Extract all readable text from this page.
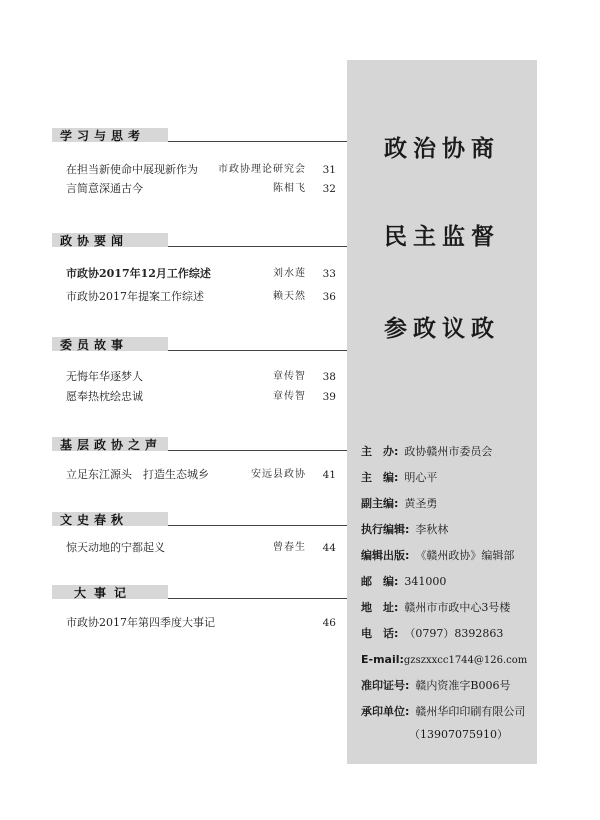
学习与思考
在担当新使命中展现新作为 市政协理论研究会 31
言简意深通古今	陈相飞 32
政协要闻
市政协2017年12月工作综述	刘水莲 33
市政协2017年提案工作综述	赖天然 36
委员故事
无悔年华逐梦人	章传智 38
愿奉热枕绘忠诚	章传智 39
基层政协之声
立足东江源头　打造生态城乡	安远县政协 41
文史春秋
惊天动地的宁都起义	曾春生 44
大事记
市政协2017年第四季度大事记	46
政治协商
民主监督
参政议政
主　办: 政协赣州市委员会
主　编: 明心平
副主编: 黄圣勇
执行编辑: 李秋林
编辑出版: 《赣州政协》编辑部
邮　编: 341000
地　址: 赣州市市政中心3号楼
电　话: （0797）8392863
E-mail:gzszxxcc1744@126.com
准印证号: 赣内资准字B006号
承印单位: 赣州华印印刷有限公司
（13907075910）
